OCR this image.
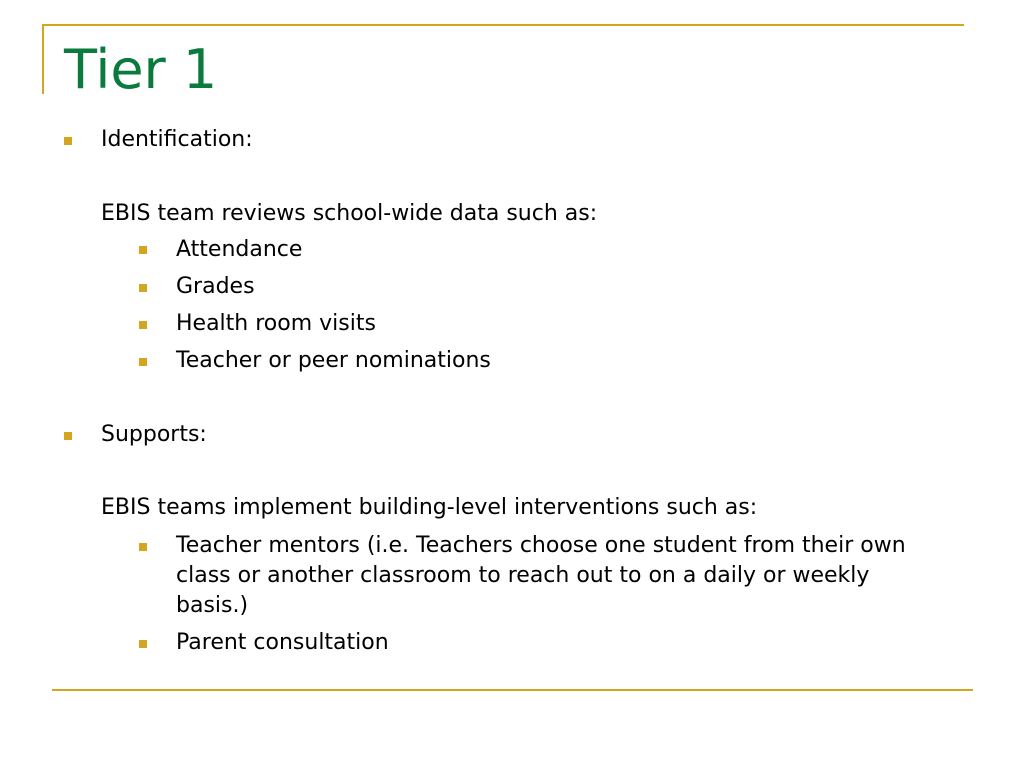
Tier 1
Identification:
EBIS team reviews school-wide data such as:
Attendance
Grades
Health room visits
Teacher or peer nominations
Supports:
EBIS teams implement building-level interventions such as:
Teacher mentors (i.e. Teachers choose one student from their own class or another classroom to reach out to on a daily or weekly basis.)
Parent consultation
